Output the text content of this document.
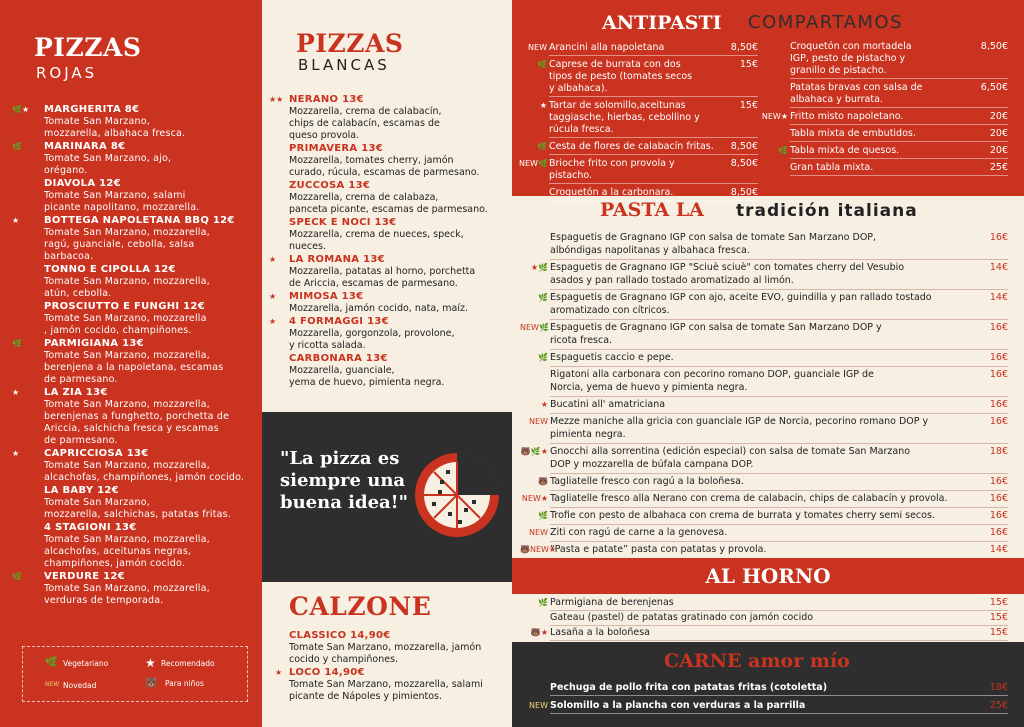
PIZZAS
ROJAS
🌿★ MARGHERITA 8€
Tomate San Marzano,
mozzarella, albahaca fresca.
🌿 MARINARA 8€
Tomate San Marzano, ajo,
orégano.
DIAVOLA 12€
Tomate San Marzano, salami
picante napolitano, mozzarella.
★ BOTTEGA NAPOLETANA BBQ 12€
Tomate San Marzano, mozzarella,
ragú, guanciale, cebolla, salsa
barbacoa.
TONNO E CIPOLLA 12€
Tomate San Marzano, mozzarella,
atún, cebolla.
PROSCIUTTO E FUNGHI 12€
Tomate San Marzano, mozzarella
, jamón cocido, champiñones.
🌿 PARMIGIANA 13€
Tomate San Marzano, mozzarella,
berenjena a la napoletana, escamas
de parmesano.
★ LA ZIA 13€
Tomate San Marzano, mozzarella,
berenjenas a funghetto, porchetta de
Ariccia, salchicha fresca y escamas
de parmesano.
★ CAPRICCIOSA 13€
Tomate San Marzano, mozzarella,
alcachofas, champiñones, jamón cocido.
LA BABY 12€
Tomate San Marzano,
mozzarella, salchichas, patatas fritas.
4 STAGIONI 13€
Tomate San Marzano, mozzarella,
alcachofas, aceitunas negras,
champiñones, jamón cocido.
🌿 VERDURE 12€
Tomate San Marzano, mozzarella,
verduras de temporada.
🌿 Vegetariano	★ Recomendado
NEW Novedad	🐻 Para niños
PIZZAS
BLANCAS
★★ NERANO 13€
Mozzarella, crema de calabacín,
chips de calabacín, escamas de
queso provola.
PRIMAVERA 13€
Mozzarella, tomates cherry, jamón
curado, rúcula, escamas de parmesano.
ZUCCOSA 13€
Mozzarella, crema de calabaza,
panceta picante, escamas de parmesano.
SPECK E NOCI 13€
Mozzarella, crema de nueces, speck,
nueces.
★ LA ROMANA 13€
Mozzarella, patatas al horno, porchetta
de Ariccia, escamas de parmesano.
★ MIMOSA 13€
Mozzarella, jamón cocido, nata, maíz.
★ 4 FORMAGGI 13€
Mozzarella, gorgonzola, provolone,
y ricotta salada.
CARBONARA 13€
Mozzarella, guanciale,
yema de huevo, pimienta negra.
"La pizza es siempre una buena idea!"
CALZONE
CLASSICO 14,90€
Tomate San Marzano, mozzarella, jamón
cocido y champiñones.
★ LOCO 14,90€
Tomate San Marzano, mozzarella, salami
picante de Nápoles y pimientos.
ANTIPASTI COMPARTAMOS
NEW Arancini alla napoletana	8,50€
🌿 Caprese de burrata con dos
tipos de pesto (tomates secos
y albahaca).
15€
★ Tartar de solomillo,aceitunas
taggiasche, hierbas, cebollino y
rúcula fresca.
15€
🌿 Cesta de flores de calabacín fritas.	8,50€
NEW🌿 Brioche frito con provola y
pistacho.
8,50€
Croquetón a la carbonara.	8,50€
Croquetón con mortadela
IGP, pesto de pistacho y
granillo de pistacho.
8,50€
Patatas bravas con salsa de
albahaca y burrata.
6,50€
NEW★ Fritto misto napoletano.	20€
Tabla mixta de embutidos.	20€
🌿 Tabla mixta de quesos.	20€
Gran tabla mixta.	25€
PASTA LA tradición italiana
Espaguetis de Gragnano IGP con salsa de tomate San Marzano DOP,
albóndigas napolitanas y albahaca fresca.
16€
★🌿 Espaguetis de Gragnano IGP "Sciuè sciuè" con tomates cherry del Vesubio
asados y pan rallado tostado aromatizado al limón.
14€
🌿 Espaguetis de Gragnano IGP con ajo, aceite EVO, guindilla y pan rallado tostado
aromatizado con cítricos.
14€
NEW🌿 Espaguetis de Gragnano IGP con salsa de tomate San Marzano DOP y
ricota fresca.
16€
🌿 Espaguetis caccio e pepe.	16€
Rigatoni alla carbonara con pecorino romano DOP, guanciale IGP de
Norcia, yema de huevo y pimienta negra.
16€
★ Bucatini all' amatriciana	16€
NEW Mezze maniche alla gricia con guanciale IGP de Norcia, pecorino romano DOP y
pimienta negra.
16€
🐻🌿★ Gnocchi alla sorrentina (edición especial) con salsa de tomate San Marzano
DOP y mozzarella de búfala campana DOP.
18€
🐻 Tagliatelle fresco con ragú a la boloñesa.	16€
NEW★ Tagliatelle fresco alla Nerano con crema de calabacín, chips de calabacín y provola.	16€
🌿 Trofie con pesto de albahaca con crema de burrata y tomates cherry semi secos.	16€
NEW Ziti con ragú de carne a la genovesa.	16€
🐻NEW★
“Pasta e patate” pasta con patatas y provola.	14€
AL HORNO
🌿 Parmigiana de berenjenas	15€
Gateau (pastel) de patatas gratinado con jamón cocido	15€
🐻★ Lasaña a la boloñesa	15€
CARNE amor mío
Pechuga de pollo frita con patatas fritas (cotoletta)	18€
NEW Solomillo a la plancha con verduras a la parrilla	25€
